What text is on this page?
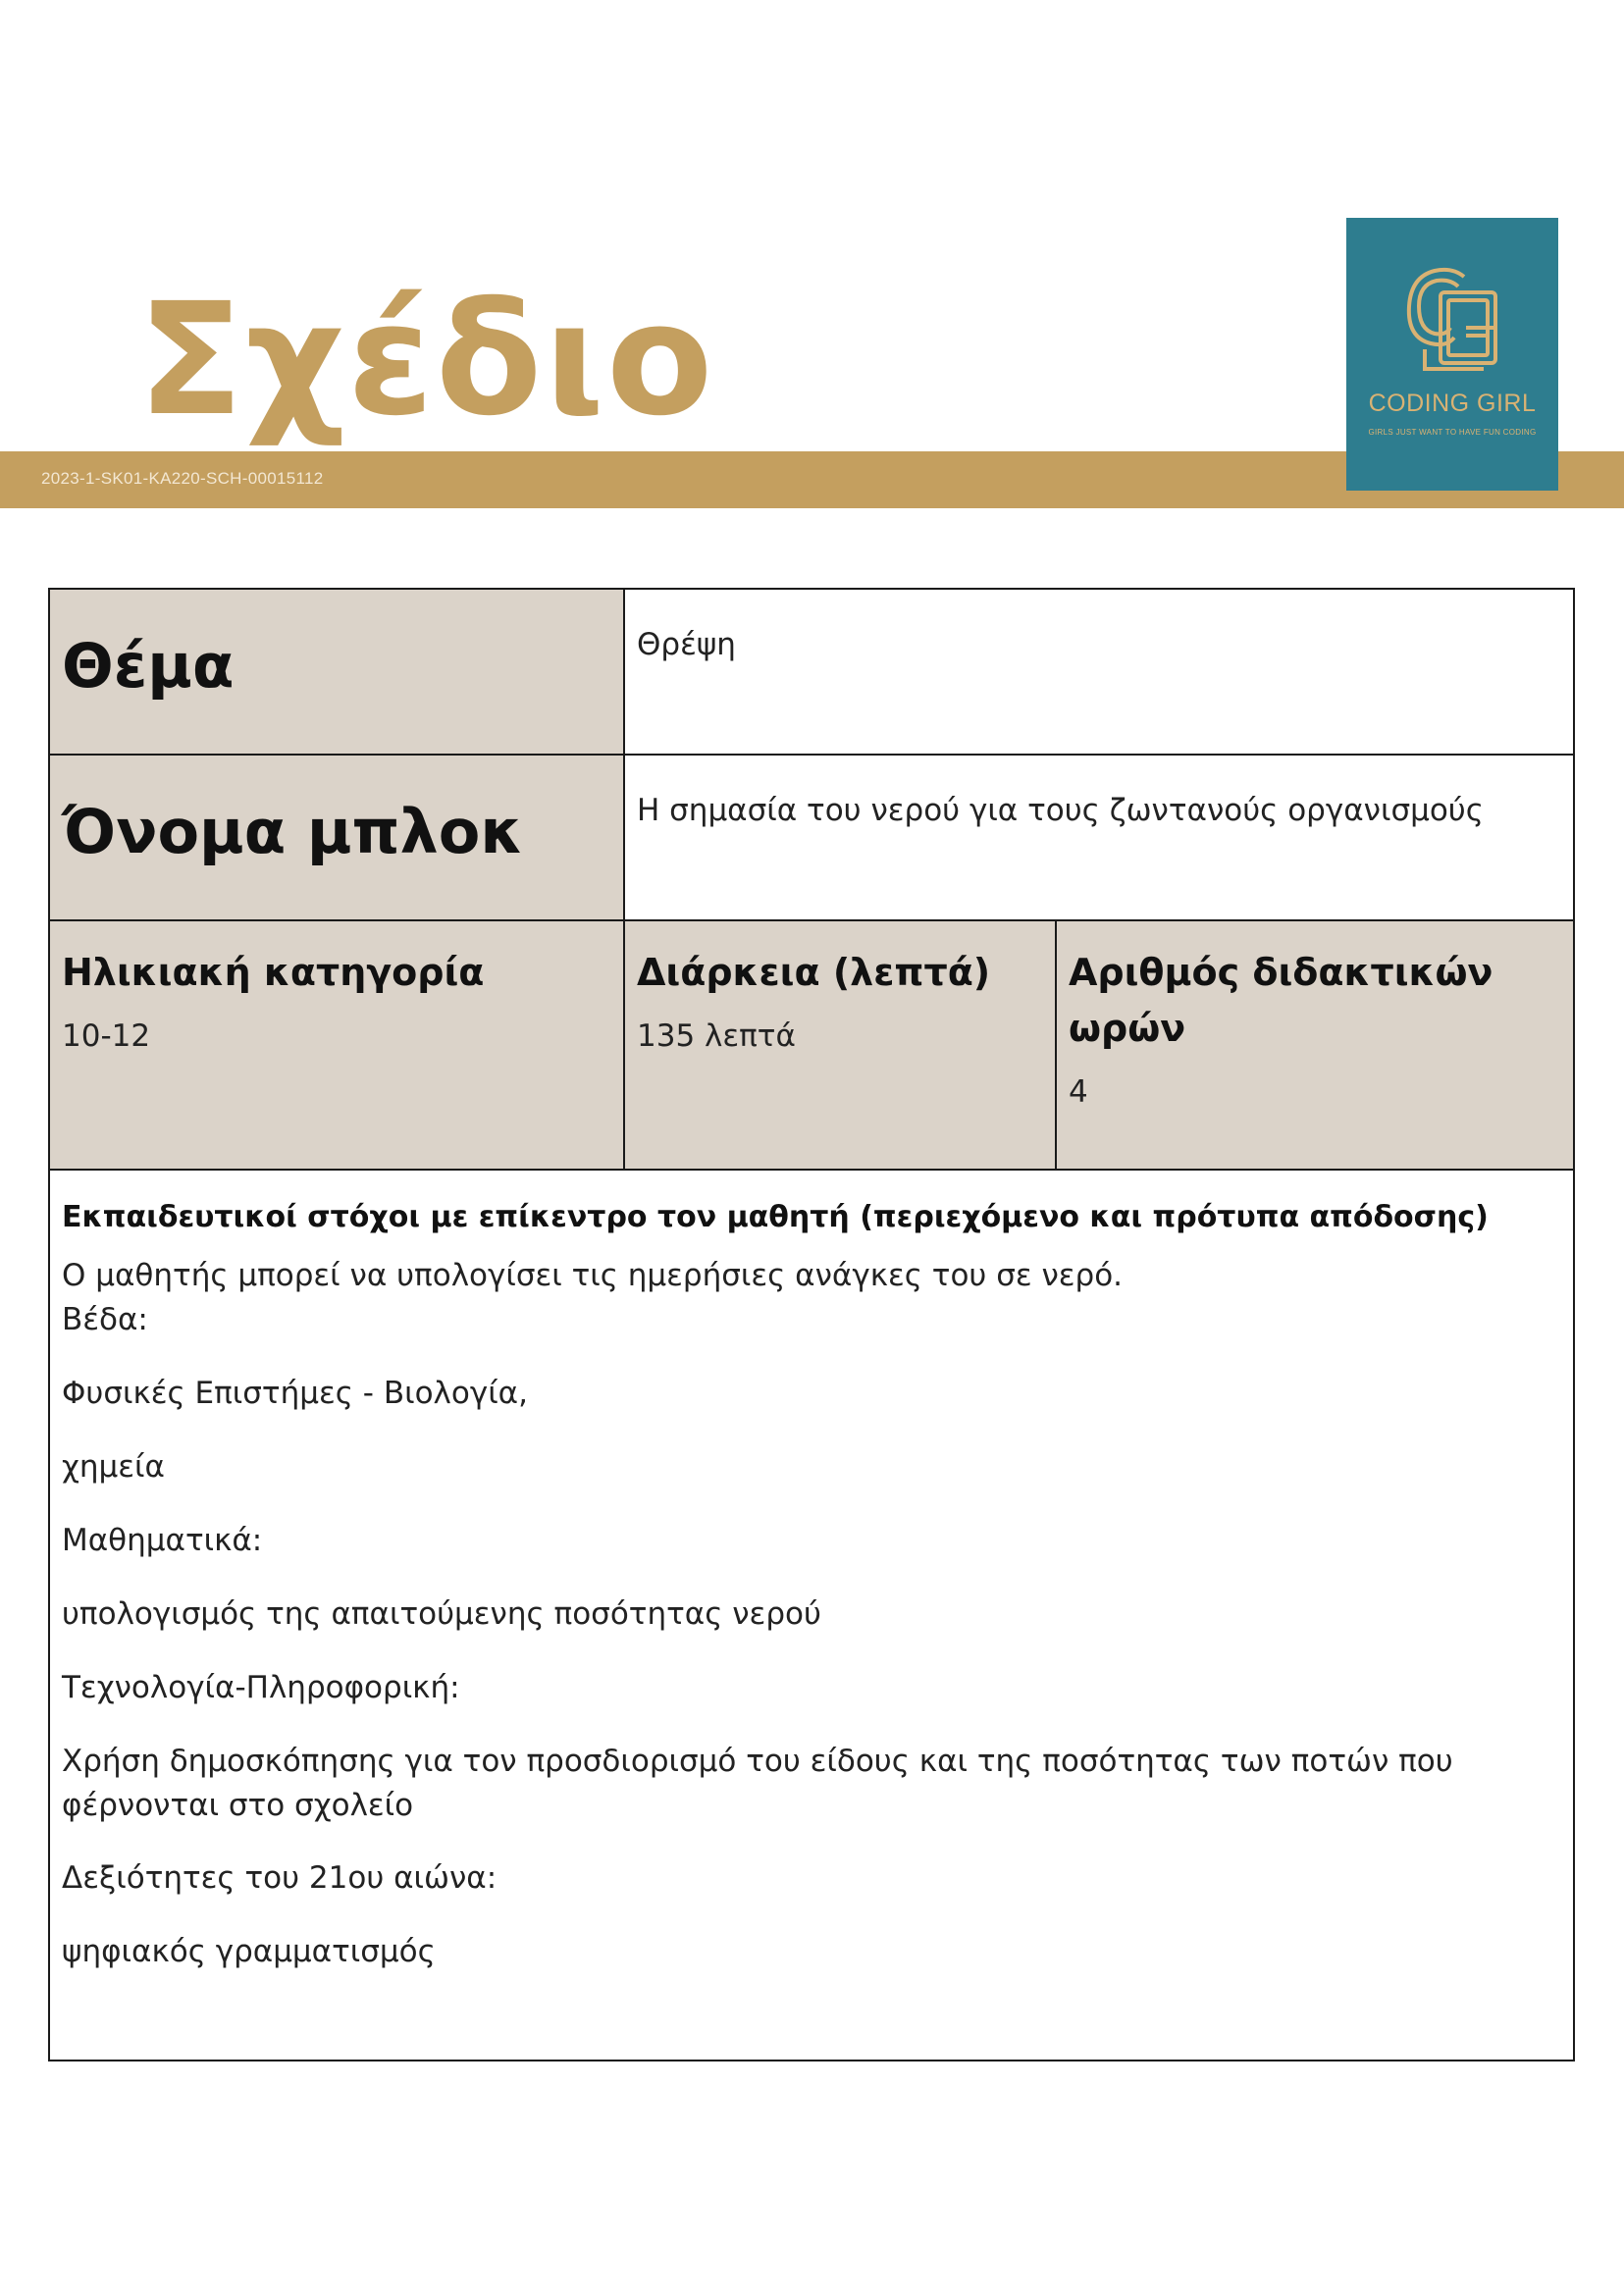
Σχέδιο
2023-1-SK01-KA220-SCH-00015112
CODING GIRL
GIRLS JUST WANT TO HAVE FUN CODING
Θέμα	Θρέψη
Όνομα μπλοκ	Η σημασία του νερού για τους ζωντανούς οργανισμούς
Ηλικιακή κατηγορία
10-12
Διάρκεια (λεπτά)
135 λεπτά
Αριθμός διδακτικών ωρών
4
Εκπαιδευτικοί στόχοι με επίκεντρο τον μαθητή (περιεχόμενο και πρότυπα απόδοσης)
Ο μαθητής μπορεί να υπολογίσει τις ημερήσιες ανάγκες του σε νερό.
Βέδα:
Φυσικές Επιστήμες - Βιολογία,
χημεία
Μαθηματικά:
υπολογισμός της απαιτούμενης ποσότητας νερού
Τεχνολογία-Πληροφορική:
Χρήση δημοσκόπησης για τον προσδιορισμό του είδους και της ποσότητας των ποτών που φέρνονται στο σχολείο
Δεξιότητες του 21ου αιώνα:
ψηφιακός γραμματισμός
